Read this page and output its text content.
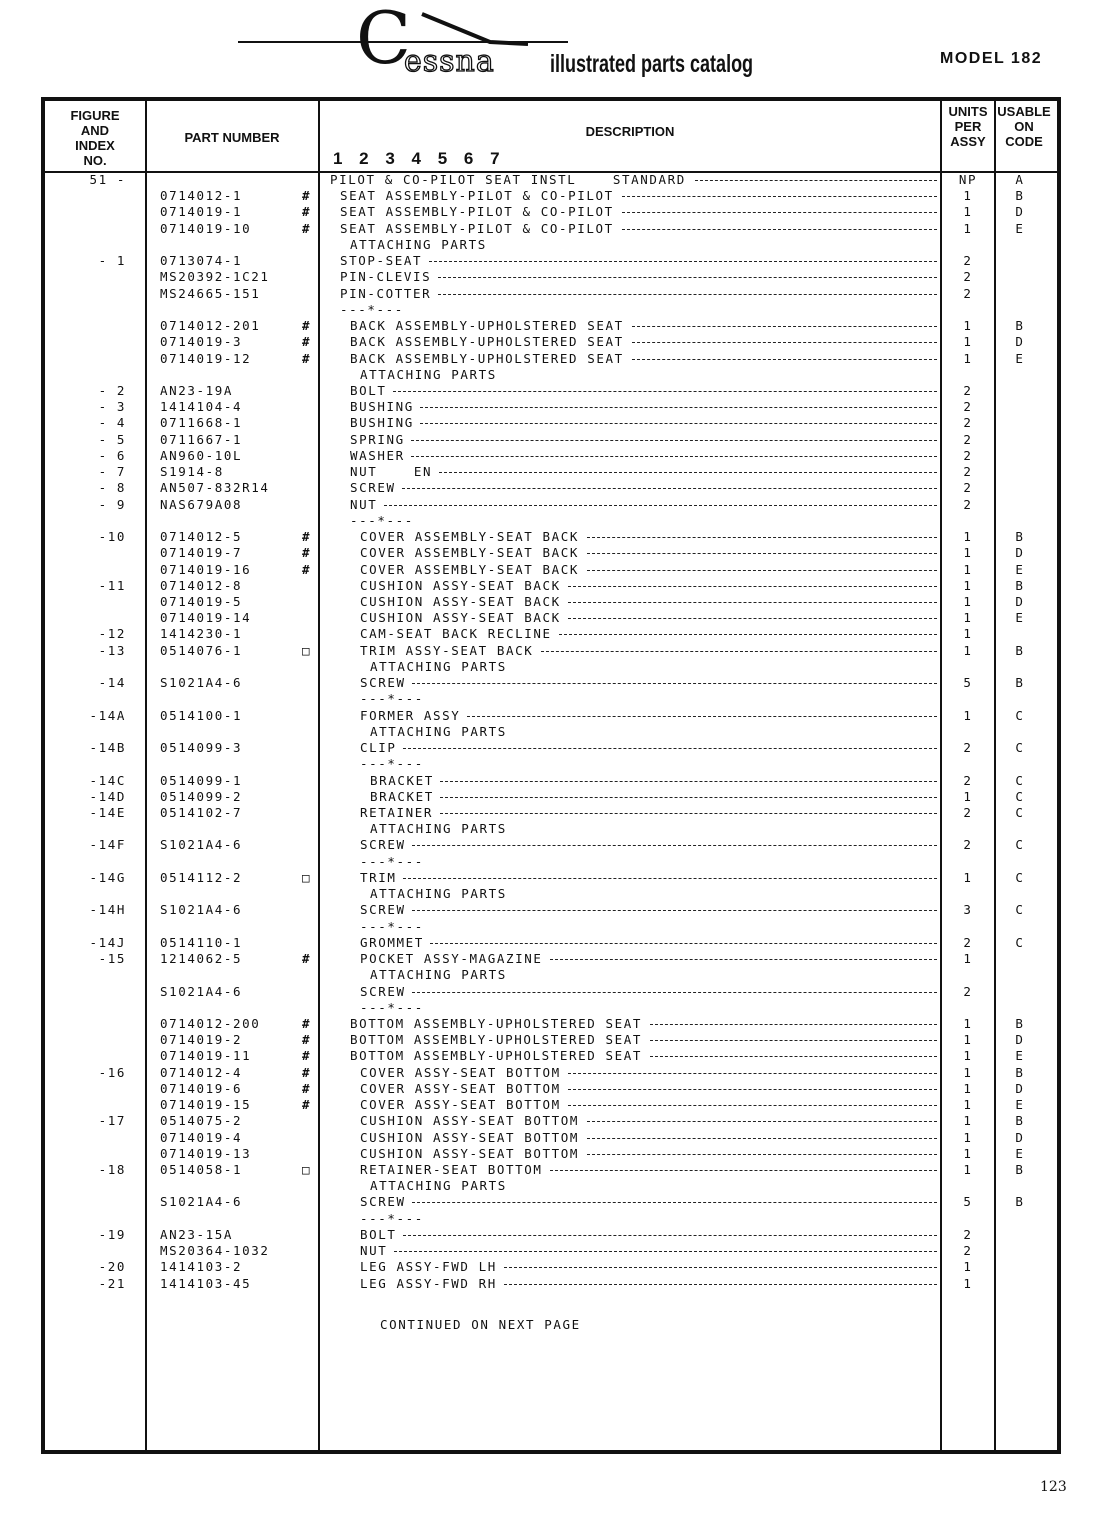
C
essna illustrated parts catalog	MODEL 182
FIGURE
AND
INDEX
NO.
PART NUMBER	DESCRIPTION
1 2 3 4 5 6 7
UNITS
PER
ASSY
USABLE
ON
CODE
51 -	PILOT & CO-PILOT SEAT INSTL    STANDARD	NP	A
0714012-1	# SEAT ASSEMBLY-PILOT & CO-PILOT	1	B
0714019-1	# SEAT ASSEMBLY-PILOT & CO-PILOT	1	D
0714019-10	# SEAT ASSEMBLY-PILOT & CO-PILOT	1	E
ATTACHING PARTS
- 1	0713074-1	STOP-SEAT	2
MS20392-1C21	PIN-CLEVIS	2
MS24665-151	PIN-COTTER	2
---*---
0714012-201	#	BACK ASSEMBLY-UPHOLSTERED SEAT	1	B
0714019-3	#	BACK ASSEMBLY-UPHOLSTERED SEAT	1	D
0714019-12	#	BACK ASSEMBLY-UPHOLSTERED SEAT	1	E
ATTACHING PARTS
- 2	AN23-19A	BOLT	2
- 3	1414104-4	BUSHING	2
- 4	0711668-1	BUSHING	2
- 5	0711667-1	SPRING	2
- 6	AN960-10L	WASHER	2
- 7	S1914-8	NUT    EN	2
- 8	AN507-832R14	SCREW	2
- 9	NAS679A08	NUT	2
---*---
-10	0714012-5	#	COVER ASSEMBLY-SEAT BACK	1	B
0714019-7	#	COVER ASSEMBLY-SEAT BACK	1	D
0714019-16	#	COVER ASSEMBLY-SEAT BACK	1	E
-11	0714012-8	CUSHION ASSY-SEAT BACK	1	B
0714019-5	CUSHION ASSY-SEAT BACK	1	D
0714019-14	CUSHION ASSY-SEAT BACK	1	E
-12	1414230-1	CAM-SEAT BACK RECLINE	1
-13	0514076-1	□	TRIM ASSY-SEAT BACK	1	B
ATTACHING PARTS
-14	S1021A4-6	SCREW	5	B
---*---
-14A	0514100-1	FORMER ASSY	1	C
ATTACHING PARTS
-14B	0514099-3	CLIP	2	C
---*---
-14C	0514099-1	BRACKET	2	C
-14D	0514099-2	BRACKET	1	C
-14E	0514102-7	RETAINER	2	C
ATTACHING PARTS
-14F	S1021A4-6	SCREW	2	C
---*---
-14G	0514112-2	□	TRIM	1	C
ATTACHING PARTS
-14H	S1021A4-6	SCREW	3	C
---*---
-14J	0514110-1	GROMMET	2	C
-15	1214062-5	#	POCKET ASSY-MAGAZINE	1
ATTACHING PARTS
S1021A4-6	SCREW	2
---*---
0714012-200	#	BOTTOM ASSEMBLY-UPHOLSTERED SEAT	1	B
0714019-2	#	BOTTOM ASSEMBLY-UPHOLSTERED SEAT	1	D
0714019-11	#	BOTTOM ASSEMBLY-UPHOLSTERED SEAT	1	E
-16	0714012-4	#	COVER ASSY-SEAT BOTTOM	1	B
0714019-6	#	COVER ASSY-SEAT BOTTOM	1	D
0714019-15	#	COVER ASSY-SEAT BOTTOM	1	E
-17	0514075-2	CUSHION ASSY-SEAT BOTTOM	1	B
0714019-4	CUSHION ASSY-SEAT BOTTOM	1	D
0714019-13	CUSHION ASSY-SEAT BOTTOM	1	E
-18	0514058-1	□	RETAINER-SEAT BOTTOM	1	B
ATTACHING PARTS
S1021A4-6	SCREW	5	B
---*---
-19	AN23-15A	BOLT	2
MS20364-1032	NUT	2
-20	1414103-2	LEG ASSY-FWD LH	1
-21	1414103-45	LEG ASSY-FWD RH	1
CONTINUED ON NEXT PAGE
123
